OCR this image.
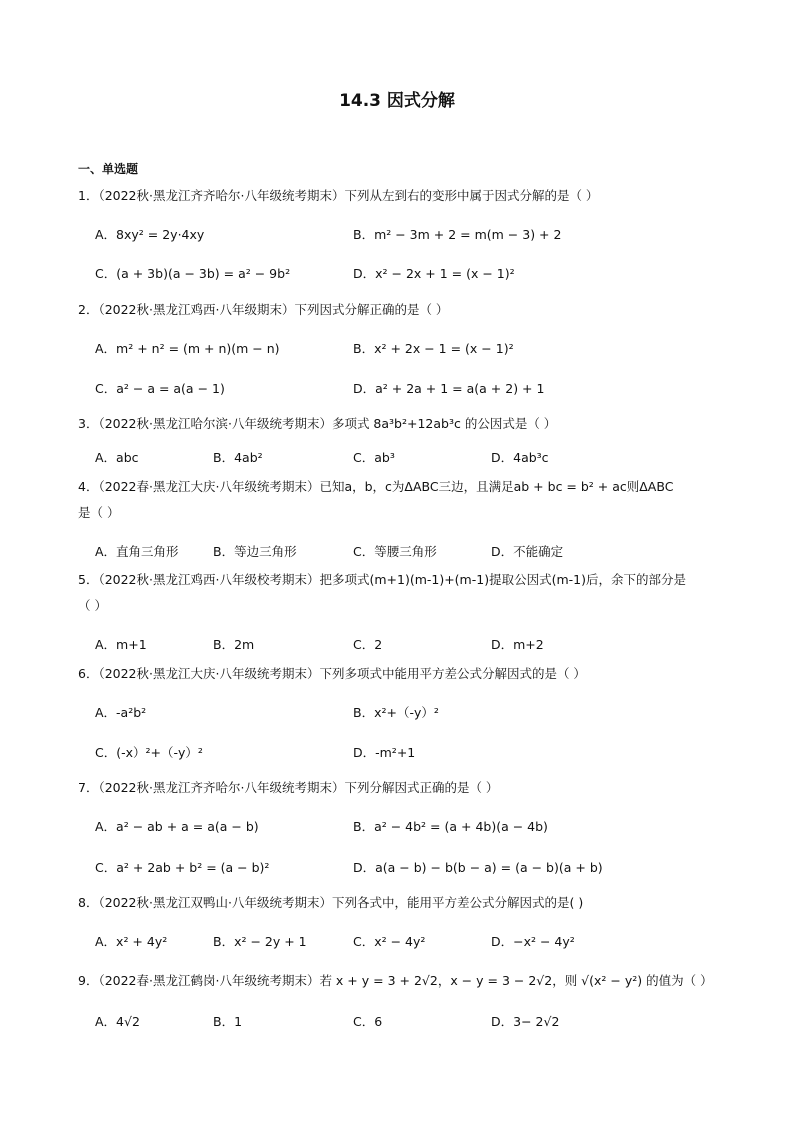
14.3 因式分解
一、单选题
1．（2022秋·黑龙江齐齐哈尔·八年级统考期末）下列从左到右的变形中属于因式分解的是（ ）
A．8xy² = 2y·4xy	B．m² − 3m + 2 = m(m − 3) + 2
C．(a + 3b)(a − 3b) = a² − 9b²	D．x² − 2x + 1 = (x − 1)²
2．（2022秋·黑龙江鸡西·八年级期末）下列因式分解正确的是（ ）
A．m² + n² = (m + n)(m − n)	B．x² + 2x − 1 = (x − 1)²
C．a² − a = a(a − 1)	D．a² + 2a + 1 = a(a + 2) + 1
3．（2022秋·黑龙江哈尔滨·八年级统考期末）多项式 8a³b²+12ab³c 的公因式是（ ）
A．abc	B．4ab²	C．ab³	D．4ab³c
4．（2022春·黑龙江大庆·八年级统考期末）已知a，b，c为ΔABC三边，且满足ab + bc = b² + ac则ΔABC
是（ ）
A．直角三角形	B．等边三角形	C．等腰三角形	D．不能确定
5．（2022秋·黑龙江鸡西·八年级校考期末）把多项式(m+1)(m-1)+(m-1)提取公因式(m-1)后，余下的部分是
（ ）
A．m+1	B．2m	C．2	D．m+2
6．（2022秋·黑龙江大庆·八年级统考期末）下列多项式中能用平方差公式分解因式的是（ ）
A．-a²b²	B．x²+（-y）²
C．(-x）²+（-y）²	D．-m²+1
7．（2022秋·黑龙江齐齐哈尔·八年级统考期末）下列分解因式正确的是（ ）
A．a² − ab + a = a(a − b)	B．a² − 4b² = (a + 4b)(a − 4b)
C．a² + 2ab + b² = (a − b)²	D．a(a − b) − b(b − a) = (a − b)(a + b)
8．（2022秋·黑龙江双鸭山·八年级统考期末）下列各式中，能用平方差公式分解因式的是( )
A．x² + 4y²	B．x² − 2y + 1	C．x² − 4y²	D．−x² − 4y²
9．（2022春·黑龙江鹤岗·八年级统考期末）若 x + y = 3 + 2√2，x − y = 3 − 2√2，则 √(x² − y²) 的值为（ ）
A．4√2	B．1	C．6	D．3− 2√2
